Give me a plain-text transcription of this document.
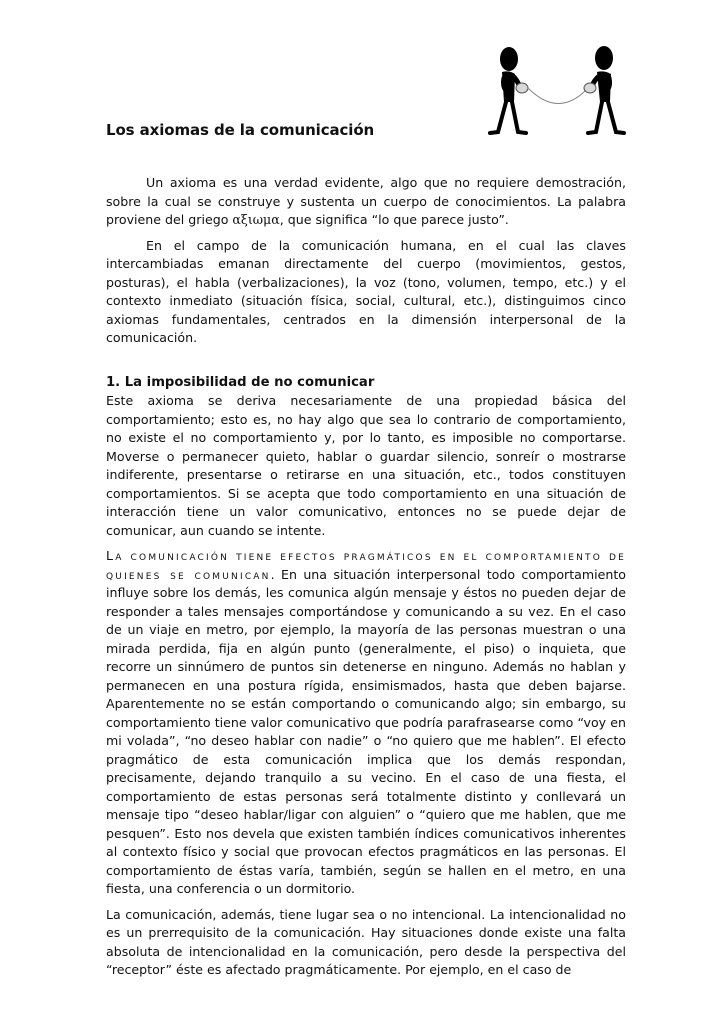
Los axiomas de la comunicación

Un axioma es una verdad evidente, algo que no requiere demostración, sobre la cual se construye y sustenta un cuerpo de conocimientos. La palabra proviene del griego αξιωμα, que significa “lo que parece justo”.

En el campo de la comunicación humana, en el cual las claves intercambiadas emanan directamente del cuerpo (movimientos, gestos, posturas), el habla (verbalizaciones), la voz (tono, volumen, tempo, etc.) y el contexto inmediato (situación física, social, cultural, etc.), distinguimos cinco axiomas fundamentales, centrados en la dimensión interpersonal de la comunicación.

1. La imposibilidad de no comunicar

Este axioma se deriva necesariamente de una propiedad básica del comportamiento; esto es, no hay algo que sea lo contrario de comportamiento, no existe el no comportamiento y, por lo tanto, es imposible no comportarse. Moverse o permanecer quieto, hablar o guardar silencio, sonreír o mostrarse indiferente, presentarse o retirarse en una situación, etc., todos constituyen comportamientos. Si se acepta que todo comportamiento en una situación de interacción tiene un valor comunicativo, entonces no se puede dejar de comunicar, aun cuando se intente.

La comunicación tiene efectos pragmáticos en el comportamiento de quienes se comunican. En una situación interpersonal todo comportamiento influye sobre los demás, les comunica algún mensaje y éstos no pueden dejar de responder a tales mensajes comportándose y comunicando a su vez. En el caso de un viaje en metro, por ejemplo, la mayoría de las personas muestran o una mirada perdida, fija en algún punto (generalmente, el piso) o inquieta, que recorre un sinnúmero de puntos sin detenerse en ninguno. Además no hablan y permanecen en una postura rígida, ensimismados, hasta que deben bajarse. Aparentemente no se están comportando o comunicando algo; sin embargo, su comportamiento tiene valor comunicativo que podría parafrasearse como “voy en mi volada”, “no deseo hablar con nadie” o “no quiero que me hablen”. El efecto pragmático de esta comunicación implica que los demás respondan, precisamente, dejando tranquilo a su vecino. En el caso de una fiesta, el comportamiento de estas personas será totalmente distinto y conllevará un mensaje tipo “deseo hablar/ligar con alguien” o “quiero que me hablen, que me pesquen”. Esto nos devela que existen también índices comunicativos inherentes al contexto físico y social que provocan efectos pragmáticos en las personas. El comportamiento de éstas varía, también, según se hallen en el metro, en una fiesta, una conferencia o un dormitorio.

La comunicación, además, tiene lugar sea o no intencional. La intencionalidad no es un prerrequisito de la comunicación. Hay situaciones donde existe una falta absoluta de intencionalidad en la comunicación, pero desde la perspectiva del “receptor” éste es afectado pragmáticamente. Por ejemplo, en el caso de
